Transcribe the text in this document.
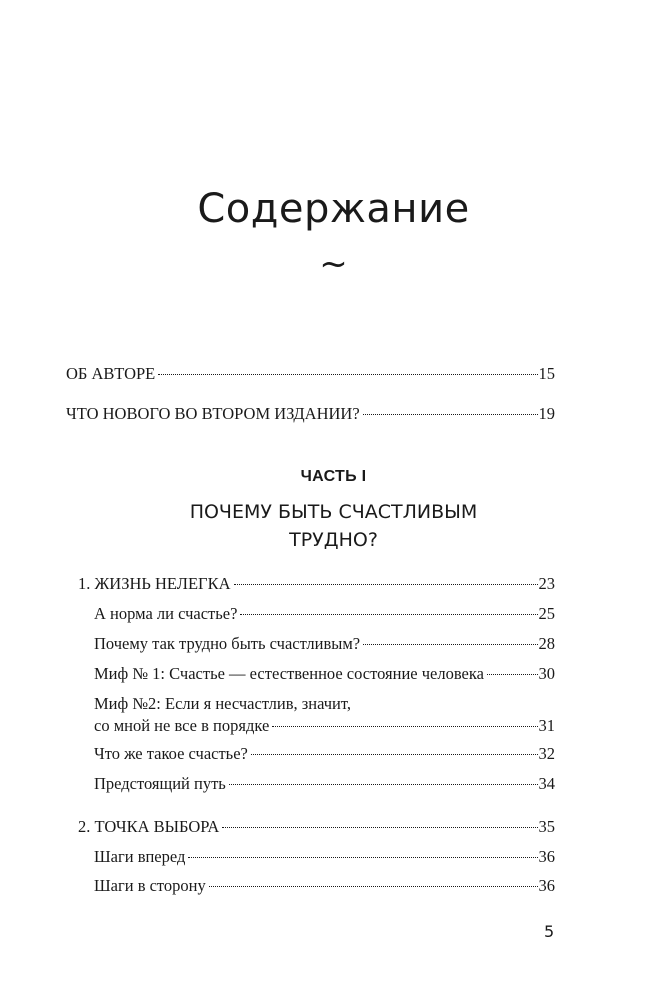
Содержание
~
ОБ АВТОРЕ	15
ЧТО НОВОГО ВО ВТОРОМ ИЗДАНИИ?	19
ЧАСТЬ I
ПОЧЕМУ БЫТЬ СЧАСТЛИВЫМ
ТРУДНО?
1. ЖИЗНЬ НЕЛЕГКА	23
А норма ли счастье?	25
Почему так трудно быть счастливым?	28
Миф № 1: Счастье — естественное состояние человека	30
Миф №2: Если я несчастлив, значит,
со мной не все в порядке	31
Что же такое счастье?	32
Предстоящий путь	34
2. ТОЧКА ВЫБОРА	35
Шаги вперед	36
Шаги в сторону	36
5
